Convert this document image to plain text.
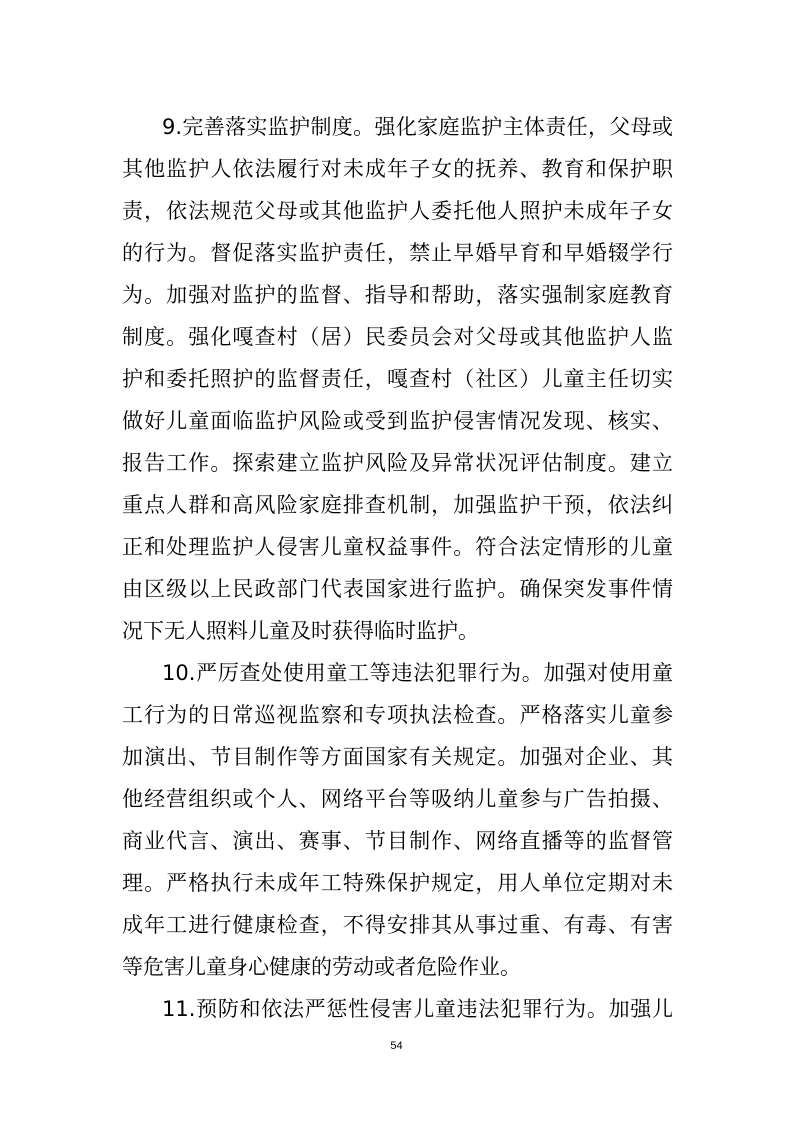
9.完善落实监护制度。强化家庭监护主体责任，父母或
其他监护人依法履行对未成年子女的抚养、教育和保护职
责，依法规范父母或其他监护人委托他人照护未成年子女
的行为。督促落实监护责任，禁止早婚早育和早婚辍学行
为。加强对监护的监督、指导和帮助，落实强制家庭教育
制度。强化嘎查村（居）民委员会对父母或其他监护人监
护和委托照护的监督责任，嘎查村（社区）儿童主任切实
做好儿童面临监护风险或受到监护侵害情况发现、核实、
报告工作。探索建立监护风险及异常状况评估制度。建立
重点人群和高风险家庭排查机制，加强监护干预，依法纠
正和处理监护人侵害儿童权益事件。符合法定情形的儿童
由区级以上民政部门代表国家进行监护。确保突发事件情
况下无人照料儿童及时获得临时监护。
10.严厉查处使用童工等违法犯罪行为。加强对使用童
工行为的日常巡视监察和专项执法检查。严格落实儿童参
加演出、节目制作等方面国家有关规定。加强对企业、其
他经营组织或个人、网络平台等吸纳儿童参与广告拍摄、
商业代言、演出、赛事、节目制作、网络直播等的监督管
理。严格执行未成年工特殊保护规定，用人单位定期对未
成年工进行健康检查，不得安排其从事过重、有毒、有害
等危害儿童身心健康的劳动或者危险作业。
11.预防和依法严惩性侵害儿童违法犯罪行为。加强儿
54
